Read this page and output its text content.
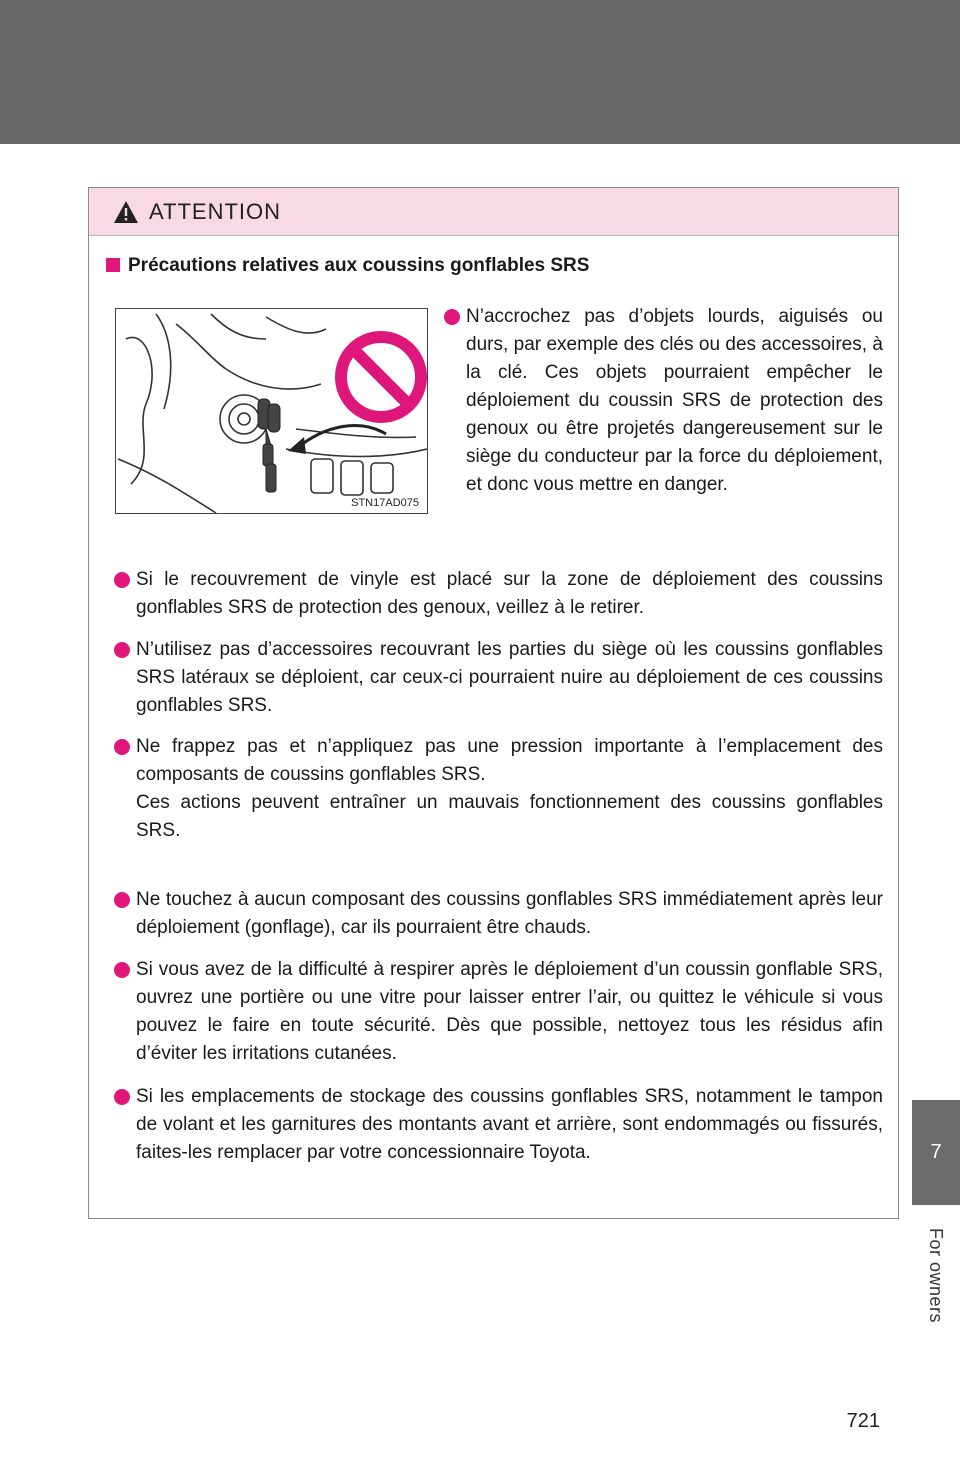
ATTENTION
Précautions relatives aux coussins gonflables SRS
STN17AD075

N’accrochez pas d’objets lourds, aiguisés ou durs, par exemple des clés ou des accessoires, à la clé. Ces objets pourraient empêcher le déploiement du coussin SRS de protection des genoux ou être projetés dangereusement sur le siège du conducteur par la force du déploiement, et donc vous mettre en danger.

Si le recouvrement de vinyle est placé sur la zone de déploiement des coussins gonflables SRS de protection des genoux, veillez à le retirer.

N’utilisez pas d’accessoires recouvrant les parties du siège où les coussins gonflables SRS latéraux se déploient, car ceux-ci pourraient nuire au déploiement de ces coussins gonflables SRS.

Ne frappez pas et n’appliquez pas une pression importante à l’emplacement des composants de coussins gonflables SRS.

Ces actions peuvent entraîner un mauvais fonctionnement des coussins gonflables SRS.

Ne touchez à aucun composant des coussins gonflables SRS immédiatement après leur déploiement (gonflage), car ils pourraient être chauds.

Si vous avez de la difficulté à respirer après le déploiement d’un coussin gonflable SRS, ouvrez une portière ou une vitre pour laisser entrer l’air, ou quittez le véhicule si vous pouvez le faire en toute sécurité. Dès que possible, nettoyez tous les résidus afin d’éviter les irritations cutanées.

Si les emplacements de stockage des coussins gonflables SRS, notamment le tampon de volant et les garnitures des montants avant et arrière, sont endommagés ou fissurés, faites-les remplacer par votre concessionnaire Toyota.	7
For owners
721
